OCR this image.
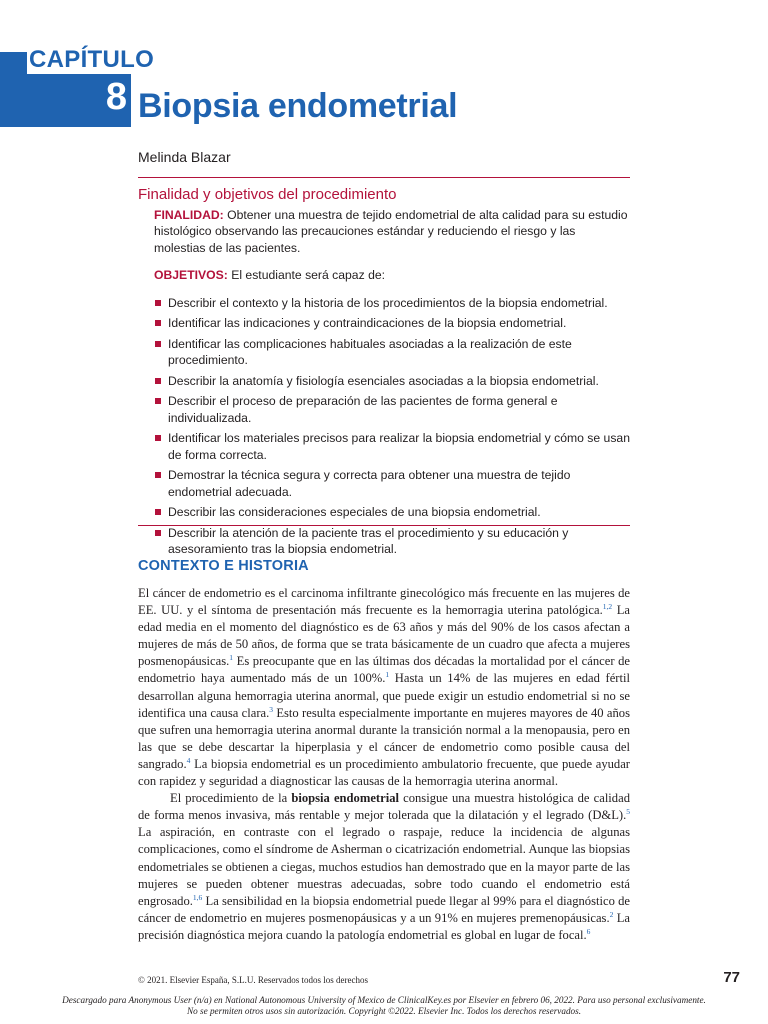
CAPÍTULO

8 Biopsia endometrial

Melinda Blazar

Finalidad y objetivos del procedimiento

FINALIDAD: Obtener una muestra de tejido endometrial de alta calidad para su estudio histológico observando las precauciones estándar y reduciendo el riesgo y las molestias de las pacientes.

OBJETIVOS: El estudiante será capaz de:

Describir el contexto y la historia de los procedimientos de la biopsia endometrial.
Identificar las indicaciones y contraindicaciones de la biopsia endometrial.
Identificar las complicaciones habituales asociadas a la realización de este procedimiento.
Describir la anatomía y fisiología esenciales asociadas a la biopsia endometrial.
Describir el proceso de preparación de las pacientes de forma general e individualizada.
Identificar los materiales precisos para realizar la biopsia endometrial y cómo se usan de forma correcta.
Demostrar la técnica segura y correcta para obtener una muestra de tejido endometrial adecuada.
Describir las consideraciones especiales de una biopsia endometrial.
Describir la atención de la paciente tras el procedimiento y su educación y asesoramiento tras la biopsia endometrial.
CONTEXTO E HISTORIA

El cáncer de endometrio es el carcinoma infiltrante ginecológico más frecuente en las mujeres de EE. UU. y el síntoma de presentación más frecuente es la hemorragia uterina patológica.$^{1,2}$ La edad media en el momento del diagnóstico es de 63 años y más del 90% de los casos afectan a mujeres de más de 50 años, de forma que se trata básicamente de un cuadro que afecta a mujeres posmenopáusicas.$^1$ Es preocupante que en las últimas dos décadas la mortalidad por el cáncer de endometrio haya aumentado más de un 100%.$^1$ Hasta un 14% de las mujeres en edad fértil desarrollan alguna hemorragia uterina anormal, que puede exigir un estudio endometrial si no se identifica una causa clara.$^3$ Esto resulta especialmente importante en mujeres mayores de 40 años que sufren una hemorragia uterina anormal durante la transición normal a la menopausia, pero en las que se debe descartar la hiperplasia y el cáncer de endometrio como posible causa del sangrado.$^4$ La biopsia endometrial es un procedimiento ambulatorio frecuente, que puede ayudar con rapidez y seguridad a diagnosticar las causas de la hemorragia uterina anormal.

El procedimiento de la biopsia endometrial consigue una muestra histológica de calidad de forma menos invasiva, más rentable y mejor tolerada que la dilatación y el legrado (D&L).$^5$ La aspiración, en contraste con el legrado o raspaje, reduce la incidencia de algunas complicaciones, como el síndrome de Asherman o cicatrización endometrial. Aunque las biopsias endometriales se obtienen a ciegas, muchos estudios han demostrado que en la mayor parte de las mujeres se pueden obtener muestras adecuadas, sobre todo cuando el endometrio está engrosado.$^{1,6}$ La sensibilidad en la biopsia endometrial puede llegar al 99% para el diagnóstico de cáncer de endometrio en mujeres posmenopáusicas y a un 91% en mujeres premenopáusicas.$^2$ La precisión diagnóstica mejora cuando la patología endometrial es global en lugar de focal.$^6$

© 2021. Elsevier España, S.L.U. Reservados todos los derechos	77

Descargado para Anonymous User (n/a) en National Autonomous University of Mexico de ClinicalKey.es por Elsevier en febrero 06, 2022. Para uso personal exclusivamente. No se permiten otros usos sin autorización. Copyright ©2022. Elsevier Inc. Todos los derechos reservados.
